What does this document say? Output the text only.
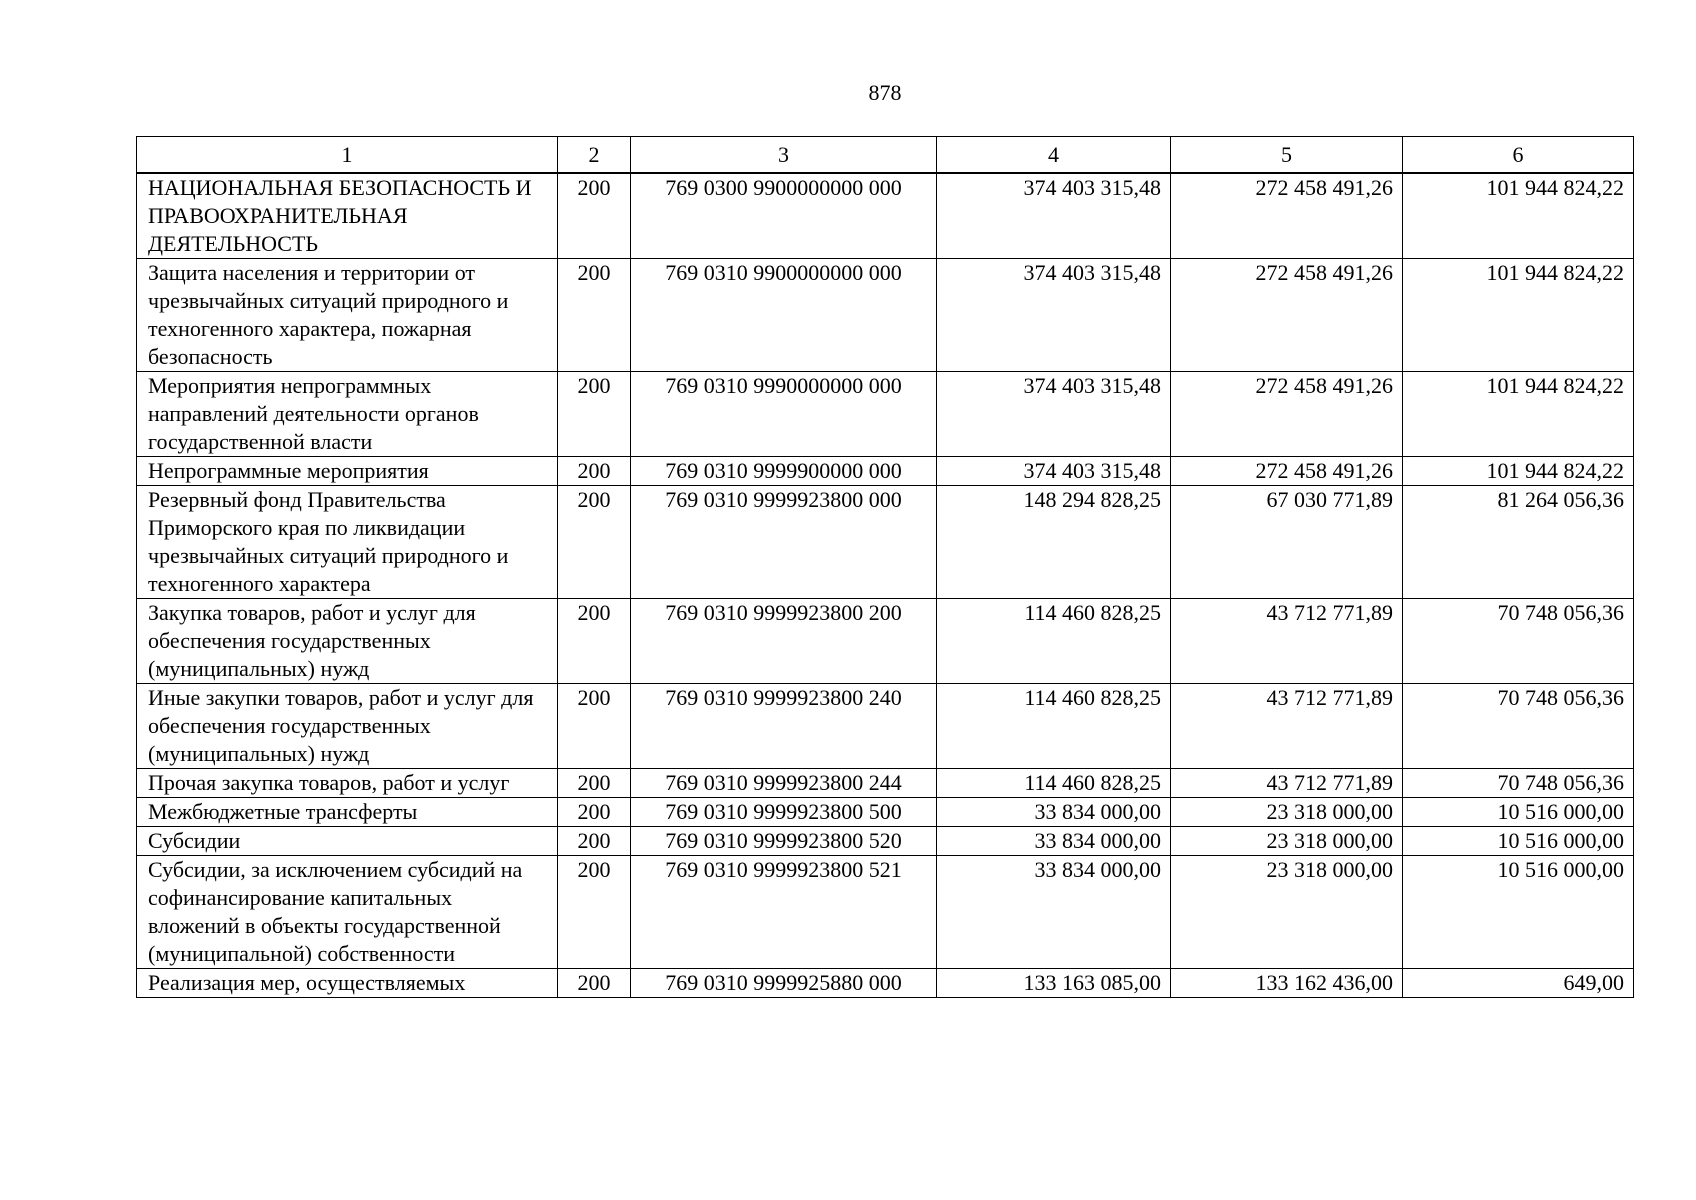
878
1	2	3	4	5	6
НАЦИОНАЛЬНАЯ БЕЗОПАСНОСТЬ И ПРАВООХРАНИТЕЛЬНАЯ ДЕЯТЕЛЬНОСТЬ	200	769 0300 9900000000 000	374 403 315,48	272 458 491,26	101 944 824,22
Защита населения и территории от чрезвычайных ситуаций природного и техногенного характера, пожарная безопасность	200	769 0310 9900000000 000	374 403 315,48	272 458 491,26	101 944 824,22
Мероприятия непрограммных направлений деятельности органов государственной власти	200	769 0310 9990000000 000	374 403 315,48	272 458 491,26	101 944 824,22
Непрограммные мероприятия	200	769 0310 9999900000 000	374 403 315,48	272 458 491,26	101 944 824,22
Резервный фонд Правительства Приморского края по ликвидации чрезвычайных ситуаций природного и техногенного характера	200	769 0310 9999923800 000	148 294 828,25	67 030 771,89	81 264 056,36
Закупка товаров, работ и услуг для обеспечения государственных (муниципальных) нужд	200	769 0310 9999923800 200	114 460 828,25	43 712 771,89	70 748 056,36
Иные закупки товаров, работ и услуг для обеспечения государственных (муниципальных) нужд	200	769 0310 9999923800 240	114 460 828,25	43 712 771,89	70 748 056,36
Прочая закупка товаров, работ и услуг	200	769 0310 9999923800 244	114 460 828,25	43 712 771,89	70 748 056,36
Межбюджетные трансферты	200	769 0310 9999923800 500	33 834 000,00	23 318 000,00	10 516 000,00
Субсидии	200	769 0310 9999923800 520	33 834 000,00	23 318 000,00	10 516 000,00
Субсидии, за исключением субсидий на софинансирование капитальных вложений в объекты государственной (муниципальной) собственности	200	769 0310 9999923800 521	33 834 000,00	23 318 000,00	10 516 000,00
Реализация мер, осуществляемых	200	769 0310 9999925880 000	133 163 085,00	133 162 436,00	649,00
